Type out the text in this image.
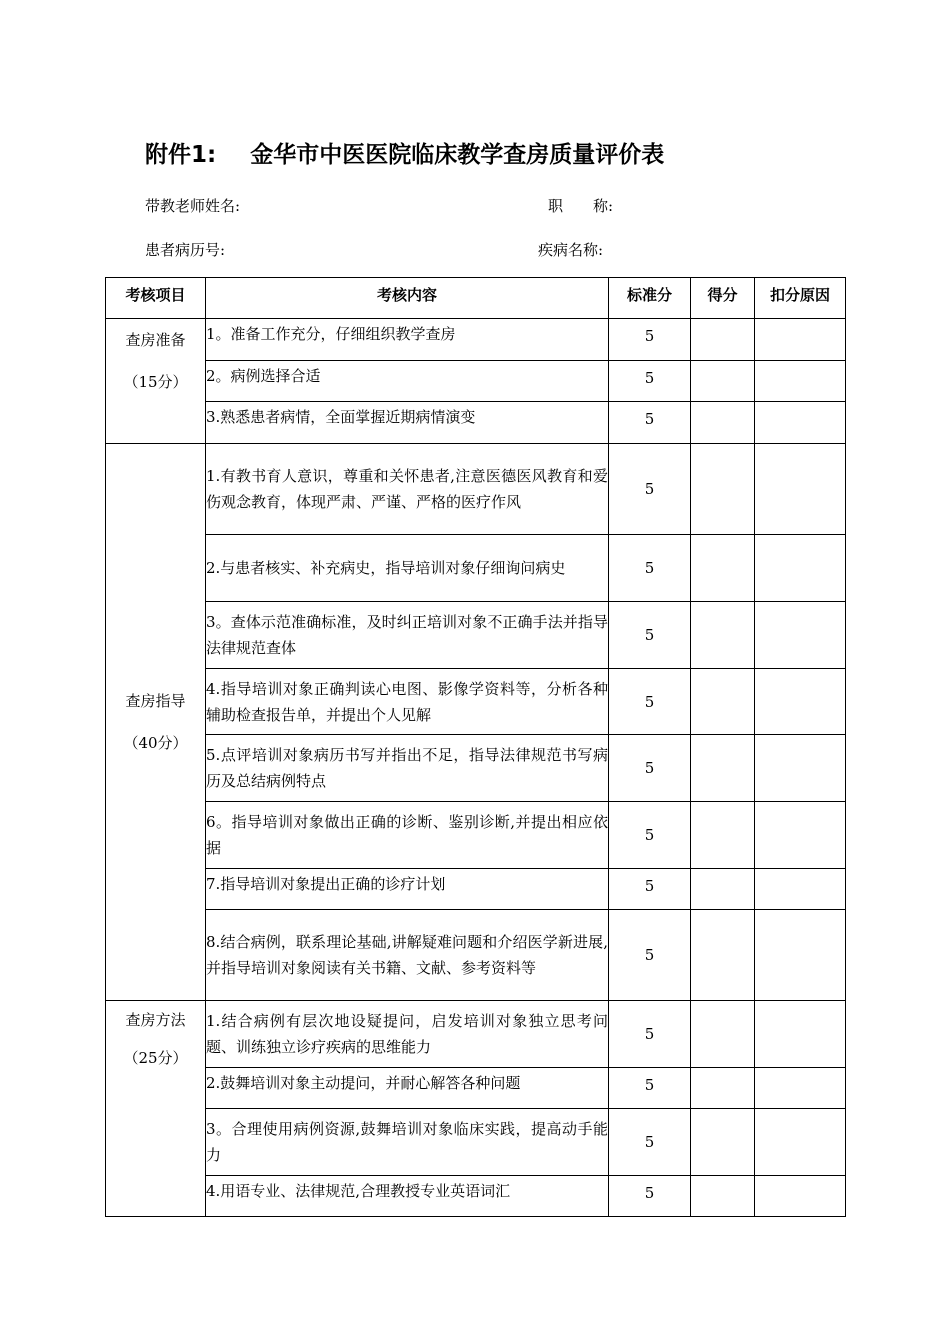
附件1: 金华市中医医院临床教学查房质量评价表
带教老师姓名:	职　　称:
患者病历号:	疾病名称:
考核项目	考核内容	标准分	得分	扣分原因
查房准备
（15分）	1。准备工作充分，仔细组织教学查房	5		
	2。病例选择合适	5		
	3.熟悉患者病情，全面掌握近期病情演变	5		
查房指导
（40分）	1.有教书育人意识，尊重和关怀患者,注意医德医风教育和爱伤观念教育，体现严肃、严谨、严格的医疗作风	5		
	2.与患者核实、补充病史，指导培训对象仔细询问病史	5		
	3。查体示范准确标准，及时纠正培训对象不正确手法并指导法律规范查体	5		
	4.指导培训对象正确判读心电图、影像学资料等，分析各种辅助检查报告单，并提出个人见解	5		
	5.点评培训对象病历书写并指出不足，指导法律规范书写病历及总结病例特点	5		
	6。指导培训对象做出正确的诊断、鉴别诊断,并提出相应依据	5		
	7.指导培训对象提出正确的诊疗计划	5		
	8.结合病例，联系理论基础,讲解疑难问题和介绍医学新进展,并指导培训对象阅读有关书籍、文献、参考资料等	5		
查房方法
（25分）	1.结合病例有层次地设疑提问，启发培训对象独立思考问题、训练独立诊疗疾病的思维能力	5		
	2.鼓舞培训对象主动提问，并耐心解答各种问题	5		
	3。合理使用病例资源,鼓舞培训对象临床实践，提高动手能力	5		
	4.用语专业、法律规范,合理教授专业英语词汇	5		
